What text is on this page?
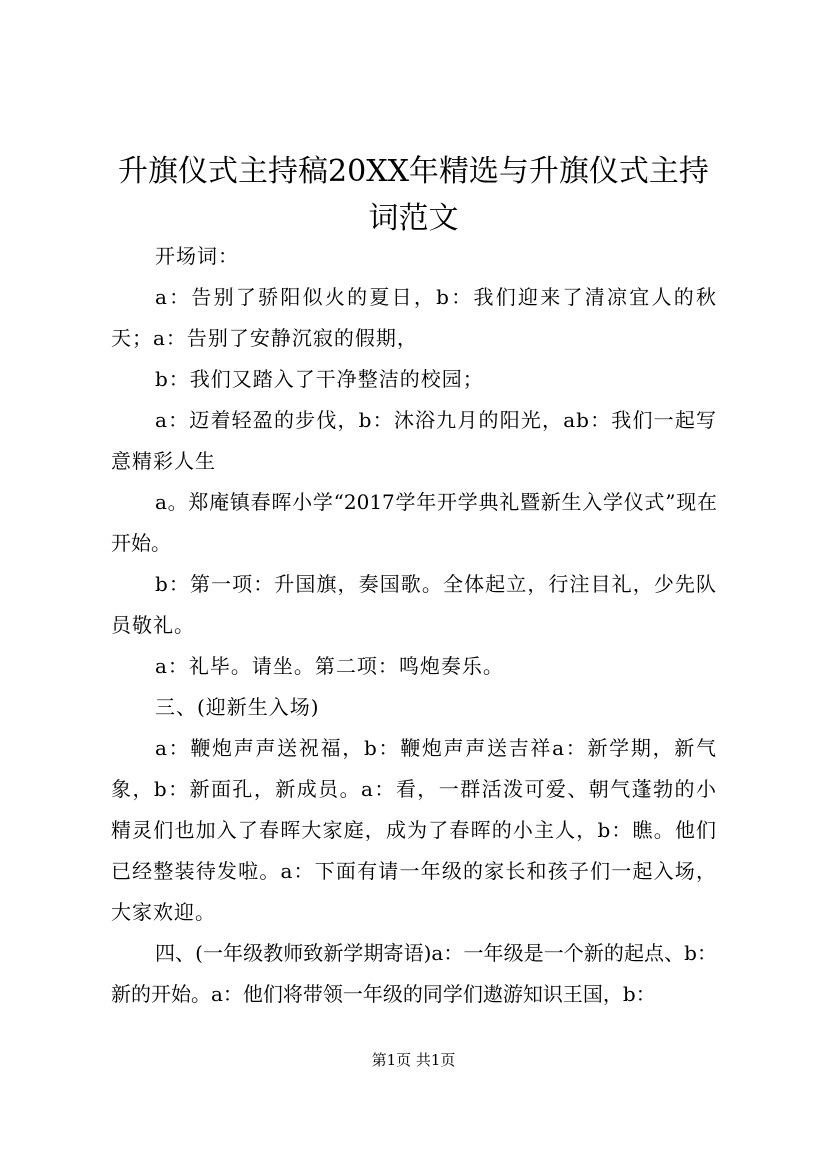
升旗仪式主持稿20XX年精选与升旗仪式主持
词范文

开场词：

a：告别了骄阳似火的夏日，b：我们迎来了清凉宜人的秋天；a：告别了安静沉寂的假期，

b：我们又踏入了干净整洁的校园；

a：迈着轻盈的步伐，b：沐浴九月的阳光，ab：我们一起写意精彩人生

a。郑庵镇春晖小学“2017学年开学典礼暨新生入学仪式”现在开始。

b：第一项：升国旗，奏国歌。全体起立，行注目礼，少先队员敬礼。

a：礼毕。请坐。第二项：鸣炮奏乐。

三、(迎新生入场)

a：鞭炮声声送祝福，b：鞭炮声声送吉祥a：新学期，新气象，b：新面孔，新成员。a：看，一群活泼可爱、朝气蓬勃的小精灵们也加入了春晖大家庭，成为了春晖的小主人，b：瞧。他们已经整装待发啦。a：下面有请一年级的家长和孩子们一起入场，大家欢迎。

四、(一年级教师致新学期寄语)a：一年级是一个新的起点、b：新的开始。a：他们将带领一年级的同学们遨游知识王国，b：

第1页 共1页
